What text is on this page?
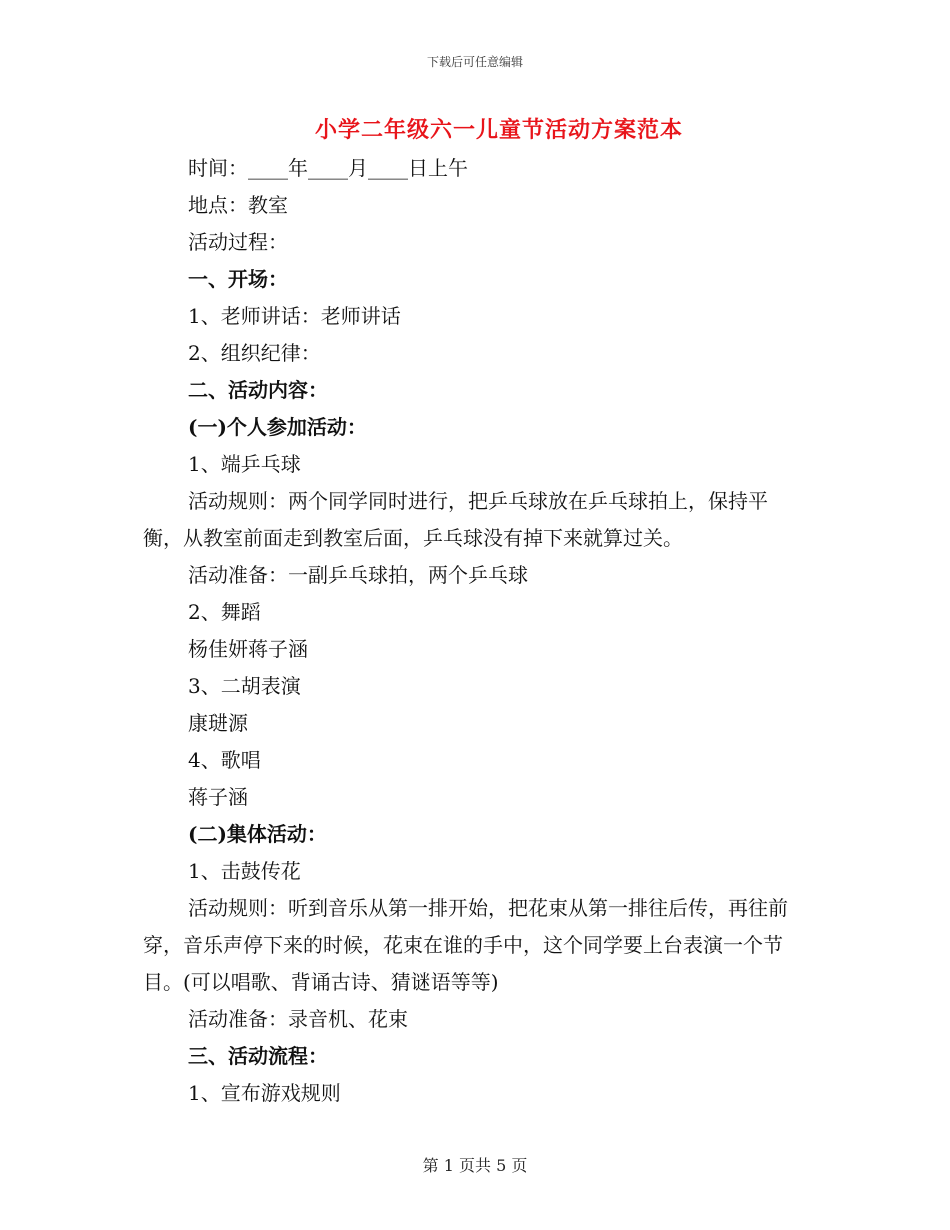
下载后可任意编辑
小学二年级六一儿童节活动方案范本

时间：____年____月____日上午

地点：教室

活动过程：

一、开场：

1、老师讲话：老师讲话

2、组织纪律：

二、活动内容：

(一)个人参加活动：

1、端乒乓球

活动规则：两个同学同时进行，把乒乓球放在乒乓球拍上，保持平衡，从教室前面走到教室后面，乒乓球没有掉下来就算过关。

活动准备：一副乒乓球拍，两个乒乓球

2、舞蹈

杨佳妍蒋子涵

3、二胡表演

康琎源

4、歌唱

蒋子涵

(二)集体活动：

1、击鼓传花

活动规则：听到音乐从第一排开始，把花束从第一排往后传，再往前穿，音乐声停下来的时候，花束在谁的手中，这个同学要上台表演一个节目。(可以唱歌、背诵古诗、猜谜语等等)

活动准备：录音机、花束

三、活动流程：

1、宣布游戏规则

第 1 页共 5 页
